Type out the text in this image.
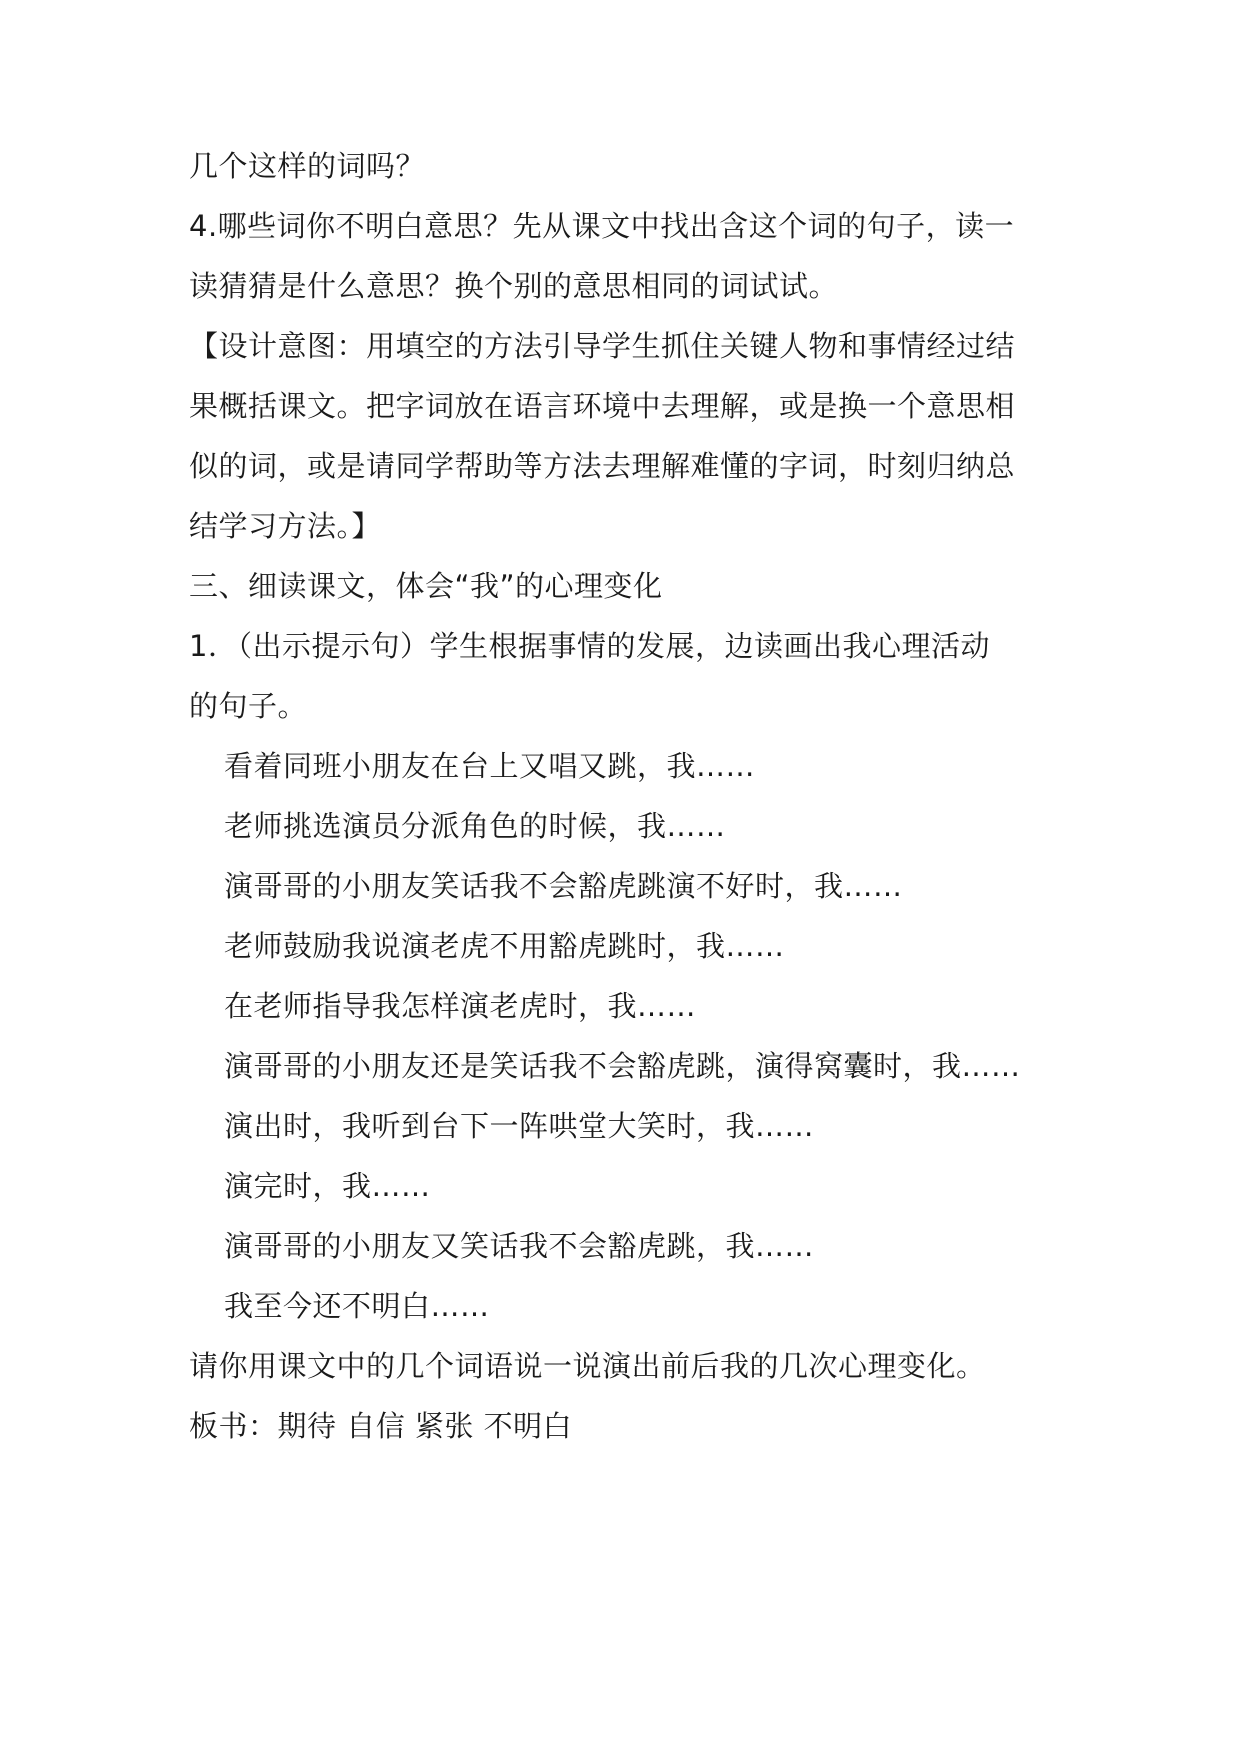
几个这样的词吗？
4.哪些词你不明白意思？先从课文中找出含这个词的句子，读一
读猜猜是什么意思？换个别的意思相同的词试试。
【设计意图：用填空的方法引导学生抓住关键人物和事情经过结
果概括课文。把字词放在语言环境中去理解，或是换一个意思相
似的词，或是请同学帮助等方法去理解难懂的字词，时刻归纳总
结学习方法。】
三、细读课文，体会“我”的心理变化
1．（出示提示句）学生根据事情的发展，边读画出我心理活动
的句子。
看着同班小朋友在台上又唱又跳，我……
老师挑选演员分派角色的时候，我……
演哥哥的小朋友笑话我不会豁虎跳演不好时，我……
老师鼓励我说演老虎不用豁虎跳时，我……
在老师指导我怎样演老虎时，我……
演哥哥的小朋友还是笑话我不会豁虎跳，演得窝囊时，我……
演出时，我听到台下一阵哄堂大笑时，我……
演完时，我……
演哥哥的小朋友又笑话我不会豁虎跳，我……
我至今还不明白……
请你用课文中的几个词语说一说演出前后我的几次心理变化。
板书：期待 自信 紧张 不明白
